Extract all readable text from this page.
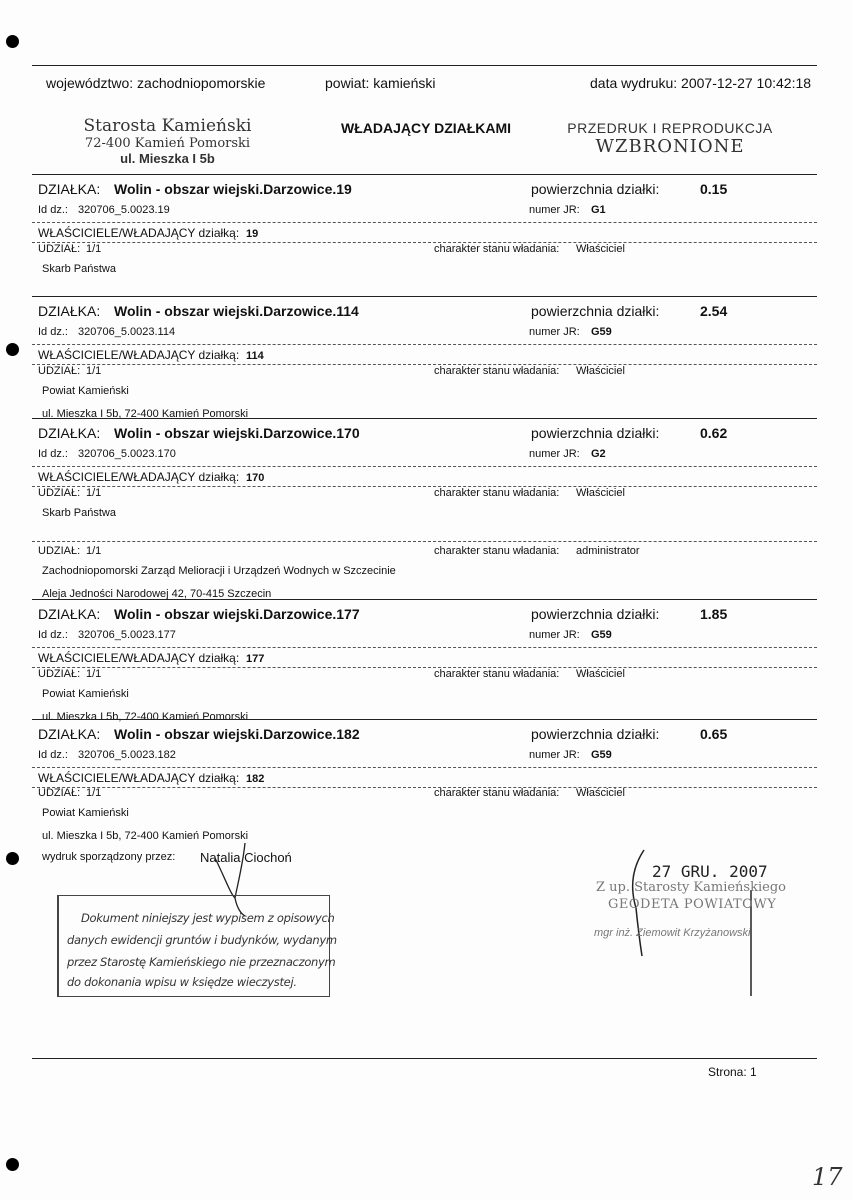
województwo: zachodniopomorskie	powiat: kamieński	data wydruku: 2007-12-27 10:42:18
Starosta Kamieński
72-400 Kamień Pomorski
ul. Mieszka I 5b
WŁADAJĄCY DZIAŁKAMI	PRZEDRUK I REPRODUKCJA
WZBRONIONE
DZIAŁKA: Wolin - obszar wiejski.Darzowice.19	powierzchnia działki:	0.15
Id dz.: 320706_5.0023.19	numer JR: G1
WŁAŚCICIELE/WŁADAJĄCY działką: 19
UDZIAŁ: 1/1	charakter stanu władania: Właściciel
Skarb Państwa
DZIAŁKA: Wolin - obszar wiejski.Darzowice.114	powierzchnia działki:	2.54
Id dz.: 320706_5.0023.114	numer JR: G59
WŁAŚCICIELE/WŁADAJĄCY działką: 114
UDZIAŁ: 1/1	charakter stanu władania: Właściciel
Powiat Kamieński
ul. Mieszka I 5b, 72-400 Kamień Pomorski
DZIAŁKA: Wolin - obszar wiejski.Darzowice.170	powierzchnia działki:	0.62
Id dz.: 320706_5.0023.170	numer JR: G2
WŁAŚCICIELE/WŁADAJĄCY działką: 170
UDZIAŁ: 1/1	charakter stanu władania: Właściciel
Skarb Państwa
UDZIAŁ: 1/1	charakter stanu władania: administrator
Zachodniopomorski Zarząd Melioracji i Urządzeń Wodnych w Szczecinie
Aleja Jedności Narodowej 42, 70-415 Szczecin
DZIAŁKA: Wolin - obszar wiejski.Darzowice.177	powierzchnia działki:	1.85
Id dz.: 320706_5.0023.177	numer JR: G59
WŁAŚCICIELE/WŁADAJĄCY działką: 177
UDZIAŁ: 1/1	charakter stanu władania: Właściciel
Powiat Kamieński
ul. Mieszka I 5b, 72-400 Kamień Pomorski
DZIAŁKA: Wolin - obszar wiejski.Darzowice.182	powierzchnia działki:	0.65
Id dz.: 320706_5.0023.182	numer JR: G59
WŁAŚCICIELE/WŁADAJĄCY działką: 182
UDZIAŁ: 1/1	charakter stanu władania: Właściciel
Powiat Kamieński
ul. Mieszka I 5b, 72-400 Kamień Pomorski
wydruk sporządzony przez: Natalia Ciochoń
Dokument niniejszy jest wypisem z opisowych
danych ewidencji gruntów i budynków, wydanym
przez Starostę Kamieńskiego nie przeznaczonym
do dokonania wpisu w księdze wieczystej.
27 GRU. 2007
Z up. Starosty Kamieńskiego
GEODETA POWIATOWY
mgr inż. Ziemowit Krzyżanowski
Strona: 1
17
